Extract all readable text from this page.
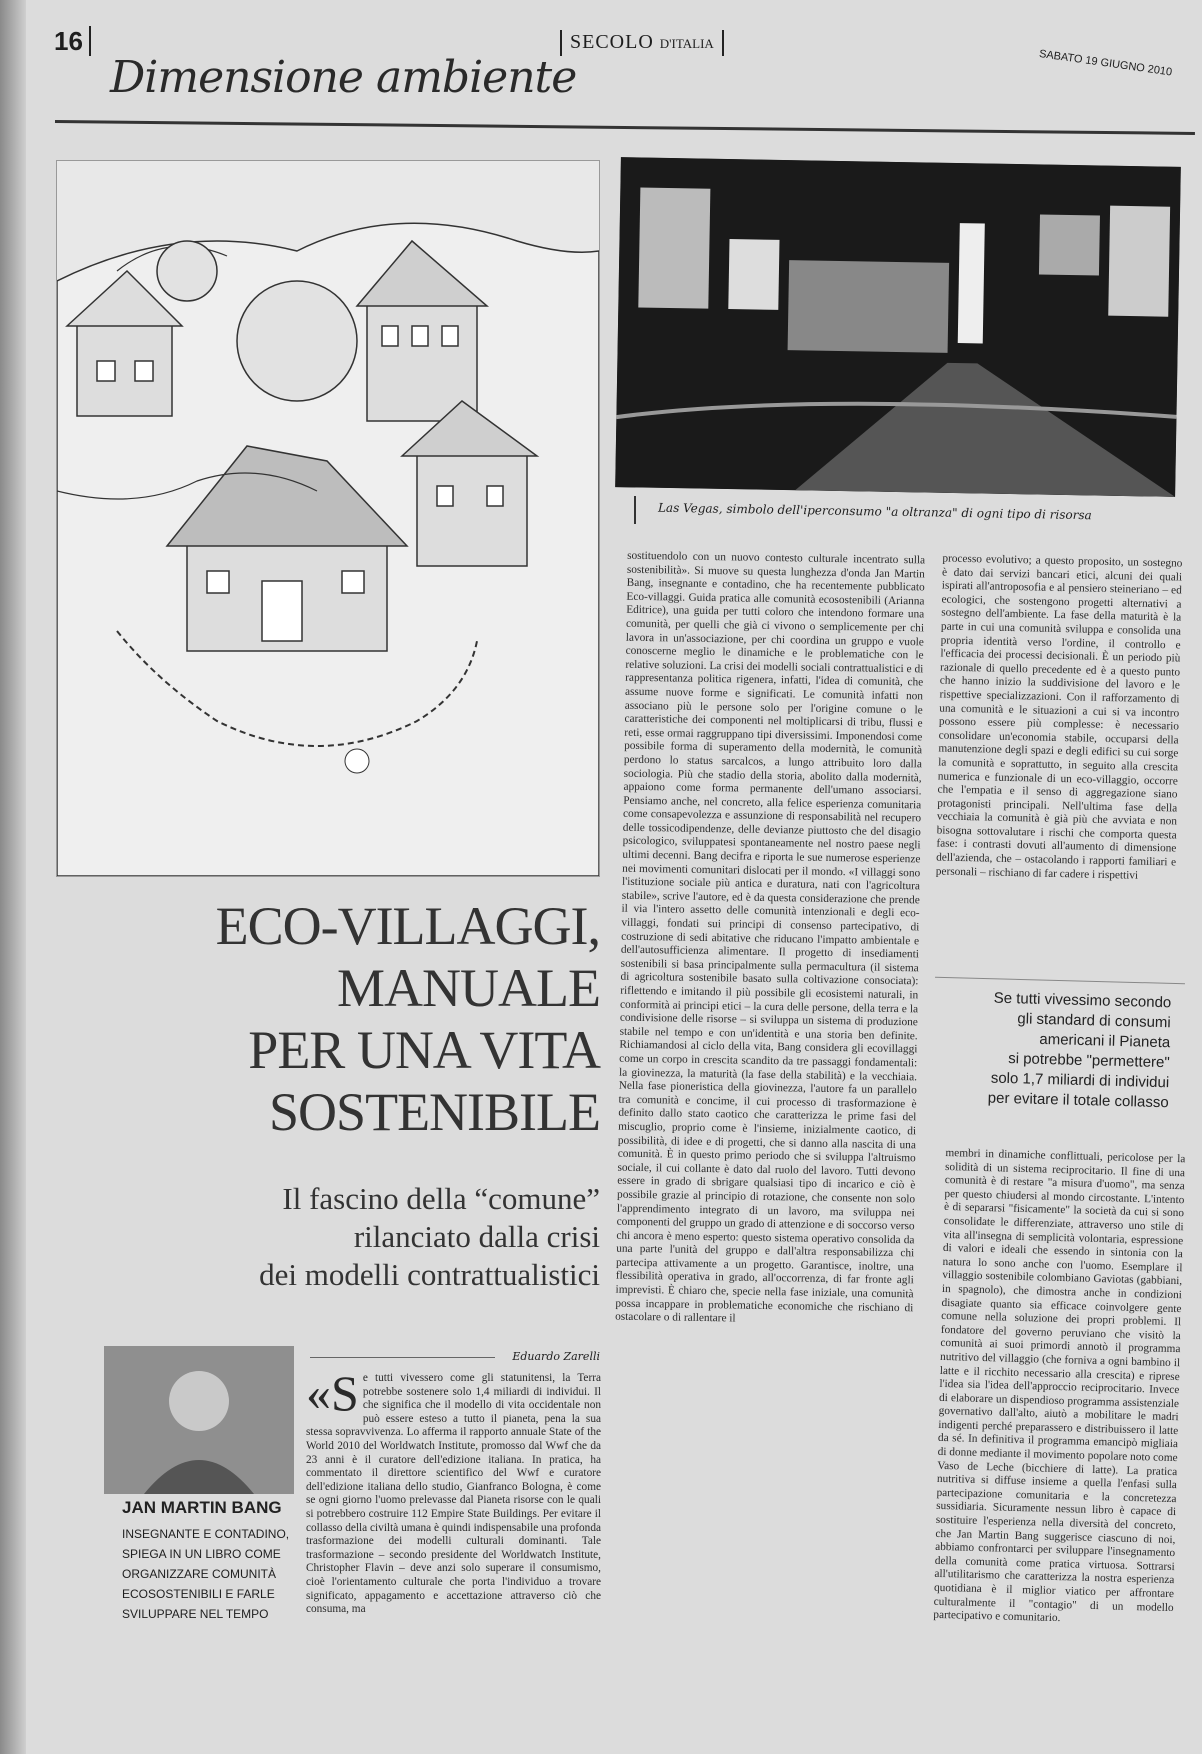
16	SECOLO D'ITALIA
SABATO 19 GIUGNO 2010
Dimensione ambiente
Las Vegas, simbolo dell'iperconsumo "a oltranza" di ogni tipo di risorsa
ECO-VILLAGGI,
MANUALE
PER UNA VITA
SOSTENIBILE
Il fascino della “comune”
rilanciato dalla crisi
dei modelli contrattualistici
Eduardo Zarelli
JAN MARTIN BANG
INSEGNANTE E CONTADINO, SPIEGA IN UN LIBRO COME ORGANIZZARE COMUNITÀ ECOSOSTENIBILI E FARLE SVILUPPARE NEL TEMPO
«Se tutti vivessero come gli statunitensi, la Terra potrebbe sostenere solo 1,4 miliardi di individui. Il che significa che il modello di vita occidentale non può essere esteso a tutto il pianeta, pena la sua stessa sopravvivenza. Lo afferma il rapporto annuale State of the World 2010 del Worldwatch Institute, promosso dal Wwf che da 23 anni è il curatore dell'edizione italiana. In pratica, ha commentato il direttore scientifico del Wwf e curatore dell'edizione italiana dello studio, Gianfranco Bologna, è come se ogni giorno l'uomo prelevasse dal Pianeta risorse con le quali si potrebbero costruire 112 Empire State Buildings. Per evitare il collasso della civiltà umana è quindi indispensabile una profonda trasformazione dei modelli culturali dominanti. Tale trasformazione – secondo presidente del Worldwatch Institute, Christopher Flavin – deve anzi solo superare il consumismo, cioè l'orientamento culturale che porta l'individuo a trovare significato, appagamento e accettazione attraverso ciò che consuma, ma
sostituendolo con un nuovo contesto culturale incentrato sulla sostenibilità». Si muove su questa lunghezza d'onda Jan Martin Bang, insegnante e contadino, che ha recentemente pubblicato Eco-villaggi. Guida pratica alle comunità ecosostenibili (Arianna Editrice), una guida per tutti coloro che intendono formare una comunità, per quelli che già ci vivono o semplicemente per chi lavora in un'associazione, per chi coordina un gruppo e vuole conoscerne meglio le dinamiche e le problematiche con le relative soluzioni. La crisi dei modelli sociali contrattualistici e di rappresentanza politica rigenera, infatti, l'idea di comunità, che assume nuove forme e significati. Le comunità infatti non associano più le persone solo per l'origine comune o le caratteristiche dei componenti nel moltiplicarsi di tribu, flussi e reti, esse ormai raggruppano tipi diversissimi. Imponendosi come possibile forma di superamento della modernità, le comunità perdono lo status sarcalcos, a lungo attribuito loro dalla sociologia. Più che stadio della storia, abolito dalla modernità, appaiono come forma permanente dell'umano associarsi. Pensiamo anche, nel concreto, alla felice esperienza comunitaria come consapevolezza e assunzione di responsabilità nel recupero delle tossicodipendenze, delle devianze piuttosto che del disagio psicologico, sviluppatesi spontaneamente nel nostro paese negli ultimi decenni. Bang decifra e riporta le sue numerose esperienze nei movimenti comunitari dislocati per il mondo. «I villaggi sono l'istituzione sociale più antica e duratura, nati con l'agricoltura stabile», scrive l'autore, ed è da questa considerazione che prende il via l'intero assetto delle comunità intenzionali e degli eco-villaggi, fondati sui principi di consenso partecipativo, di costruzione di sedi abitative che riducano l'impatto ambientale e dell'autosufficienza alimentare. Il progetto di insediamenti sostenibili si basa principalmente sulla permacultura (il sistema di agricoltura sostenibile basato sulla coltivazione consociata): riflettendo e imitando il più possibile gli ecosistemi naturali, in conformità ai principi etici – la cura delle persone, della terra e la condivisione delle risorse – si sviluppa un sistema di produzione stabile nel tempo e con un'identità e una storia ben definite. Richiamandosi al ciclo della vita, Bang considera gli ecovillaggi come un corpo in crescita scandito da tre passaggi fondamentali: la giovinezza, la maturità (la fase della stabilità) e la vecchiaia. Nella fase pioneristica della giovinezza, l'autore fa un parallelo tra comunità e concime, il cui processo di trasformazione è definito dallo stato caotico che caratterizza le prime fasi del miscuglio, proprio come è l'insieme, inizialmente caotico, di possibilità, di idee e di progetti, che si danno alla nascita di una comunità. È in questo primo periodo che si sviluppa l'altruismo sociale, il cui collante è dato dal ruolo del lavoro. Tutti devono essere in grado di sbrigare qualsiasi tipo di incarico e ciò è possibile grazie al principio di rotazione, che consente non solo l'apprendimento integrato di un lavoro, ma sviluppa nei componenti del gruppo un grado di attenzione e di soccorso verso chi ancora è meno esperto: questo sistema operativo consolida da una parte l'unità del gruppo e dall'altra responsabilizza chi partecipa attivamente a un progetto. Garantisce, inoltre, una flessibilità operativa in grado, all'occorrenza, di far fronte agli imprevisti. È chiaro che, specie nella fase iniziale, una comunità possa incappare in problematiche economiche che rischiano di ostacolare o di rallentare il
processo evolutivo; a questo proposito, un sostegno è dato dai servizi bancari etici, alcuni dei quali ispirati all'antroposofia e al pensiero steineriano – ed ecologici, che sostengono progetti alternativi a sostegno dell'ambiente. La fase della maturità è la parte in cui una comunità sviluppa e consolida una propria identità verso l'ordine, il controllo e l'efficacia dei processi decisionali. È un periodo più razionale di quello precedente ed è a questo punto che hanno inizio la suddivisione del lavoro e le rispettive specializzazioni. Con il rafforzamento di una comunità e le situazioni a cui si va incontro possono essere più complesse: è necessario consolidare un'economia stabile, occuparsi della manutenzione degli spazi e degli edifici su cui sorge la comunità e soprattutto, in seguito alla crescita numerica e funzionale di un eco-villaggio, occorre che l'empatia e il senso di aggregazione siano protagonisti principali. Nell'ultima fase della vecchiaia la comunità è già più che avviata e non bisogna sottovalutare i rischi che comporta questa fase: i contrasti dovuti all'aumento di dimensione dell'azienda, che – ostacolando i rapporti familiari e personali – rischiano di far cadere i rispettivi
Se tutti vivessimo secondo
gli standard di consumi
americani il Pianeta
si potrebbe "permettere"
solo 1,7 miliardi di individui
per evitare il totale collasso
membri in dinamiche conflittuali, pericolose per la solidità di un sistema reciprocitario. Il fine di una comunità è di restare "a misura d'uomo", ma senza per questo chiudersi al mondo circostante. L'intento è di separarsi "fisicamente" la società da cui si sono consolidate le differenziate, attraverso uno stile di vita all'insegna di semplicità volontaria, espressione di valori e ideali che essendo in sintonia con la natura lo sono anche con l'uomo. Esemplare il villaggio sostenibile colombiano Gaviotas (gabbiani, in spagnolo), che dimostra anche in condizioni disagiate quanto sia efficace coinvolgere gente comune nella soluzione dei propri problemi. Il fondatore del governo peruviano che visitò la comunità ai suoi primordi annotò il programma nutritivo del villaggio (che forniva a ogni bambino il latte e il ricchito necessario alla crescita) e riprese l'idea sia l'idea dell'approccio reciprocitario. Invece di elaborare un dispendioso programma assistenziale governativo dall'alto, aiutò a mobilitare le madri indigenti perché preparassero e distribuissero il latte da sé. In definitiva il programma emancipò migliaia di donne mediante il movimento popolare noto come Vaso de Leche (bicchiere di latte). La pratica nutritiva si diffuse insieme a quella l'enfasi sulla partecipazione comunitaria e la concretezza sussidiaria. Sicuramente nessun libro è capace di sostituire l'esperienza nella diversità del concreto, che Jan Martin Bang suggerisce ciascuno di noi, abbiamo confrontarci per sviluppare l'insegnamento della comunità come pratica virtuosa. Sottrarsi all'utilitarismo che caratterizza la nostra esperienza quotidiana è il miglior viatico per affrontare culturalmente il "contagio" di un modello partecipativo e comunitario.
